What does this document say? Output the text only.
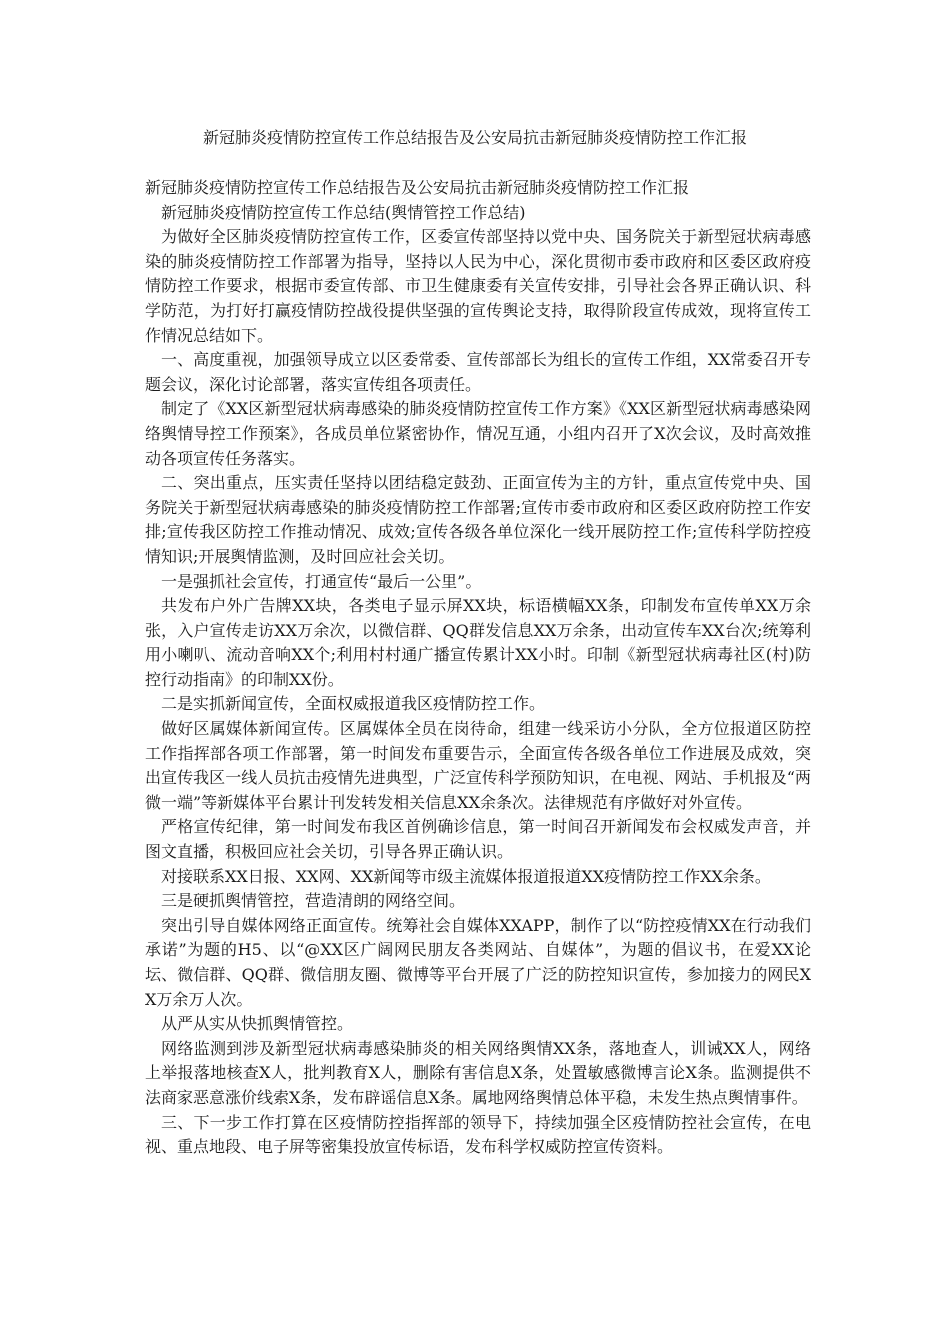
新冠肺炎疫情防控宣传工作总结报告及公安局抗击新冠肺炎疫情防控工作汇报

新冠肺炎疫情防控宣传工作总结报告及公安局抗击新冠肺炎疫情防控工作汇报

新冠肺炎疫情防控宣传工作总结(舆情管控工作总结)

为做好全区肺炎疫情防控宣传工作，区委宣传部坚持以党中央、国务院关于新型冠状病毒感染的肺炎疫情防控工作部署为指导，坚持以人民为中心，深化贯彻市委市政府和区委区政府疫情防控工作要求，根据市委宣传部、市卫生健康委有关宣传安排，引导社会各界正确认识、科学防范，为打好打赢疫情防控战役提供坚强的宣传舆论支持，取得阶段宣传成效，现将宣传工作情况总结如下。

一、高度重视，加强领导成立以区委常委、宣传部部长为组长的宣传工作组，XX常委召开专题会议，深化讨论部署，落实宣传组各项责任。

制定了《XX区新型冠状病毒感染的肺炎疫情防控宣传工作方案》《XX区新型冠状病毒感染网络舆情导控工作预案》，各成员单位紧密协作，情况互通，小组内召开了X次会议，及时高效推动各项宣传任务落实。

二、突出重点，压实责任坚持以团结稳定鼓劲、正面宣传为主的方针，重点宣传党中央、国务院关于新型冠状病毒感染的肺炎疫情防控工作部署;宣传市委市政府和区委区政府防控工作安排;宣传我区防控工作推动情况、成效;宣传各级各单位深化一线开展防控工作;宣传科学防控疫情知识;开展舆情监测，及时回应社会关切。

一是强抓社会宣传，打通宣传“最后一公里”。

共发布户外广告牌XX块，各类电子显示屏XX块，标语横幅XX条，印制发布宣传单XX万余张，入户宣传走访XX万余次，以微信群、QQ群发信息XX万余条，出动宣传车XX台次;统筹利用小喇叭、流动音响XX个;利用村村通广播宣传累计XX小时。印制《新型冠状病毒社区(村)防控行动指南》的印制XX份。

二是实抓新闻宣传，全面权威报道我区疫情防控工作。

做好区属媒体新闻宣传。区属媒体全员在岗待命，组建一线采访小分队，全方位报道区防控工作指挥部各项工作部署，第一时间发布重要告示，全面宣传各级各单位工作进展及成效，突出宣传我区一线人员抗击疫情先进典型，广泛宣传科学预防知识，在电视、网站、手机报及“两微一端”等新媒体平台累计刊发转发相关信息XX余条次。法律规范有序做好对外宣传。

严格宣传纪律，第一时间发布我区首例确诊信息，第一时间召开新闻发布会权威发声音，并图文直播，积极回应社会关切，引导各界正确认识。

对接联系XX日报、XX网、XX新闻等市级主流媒体报道报道XX疫情防控工作XX余条。

三是硬抓舆情管控，营造清朗的网络空间。

突出引导自媒体网络正面宣传。统筹社会自媒体XXAPP，制作了以“防控疫情XX在行动我们承诺”为题的H5、以“@XX区广阔网民朋友各类网站、自媒体”，为题的倡议书，在爱XX论坛、微信群、QQ群、微信朋友圈、微博等平台开展了广泛的防控知识宣传，参加接力的网民XX万余万人次。

从严从实从快抓舆情管控。

网络监测到涉及新型冠状病毒感染肺炎的相关网络舆情XX条，落地查人，训诫XX人，网络上举报落地核查X人，批判教育X人，删除有害信息X条，处置敏感微博言论X条。监测提供不法商家恶意涨价线索X条，发布辟谣信息X条。属地网络舆情总体平稳，未发生热点舆情事件。

三、下一步工作打算在区疫情防控指挥部的领导下，持续加强全区疫情防控社会宣传，在电视、重点地段、电子屏等密集投放宣传标语，发布科学权威防控宣传资料。
